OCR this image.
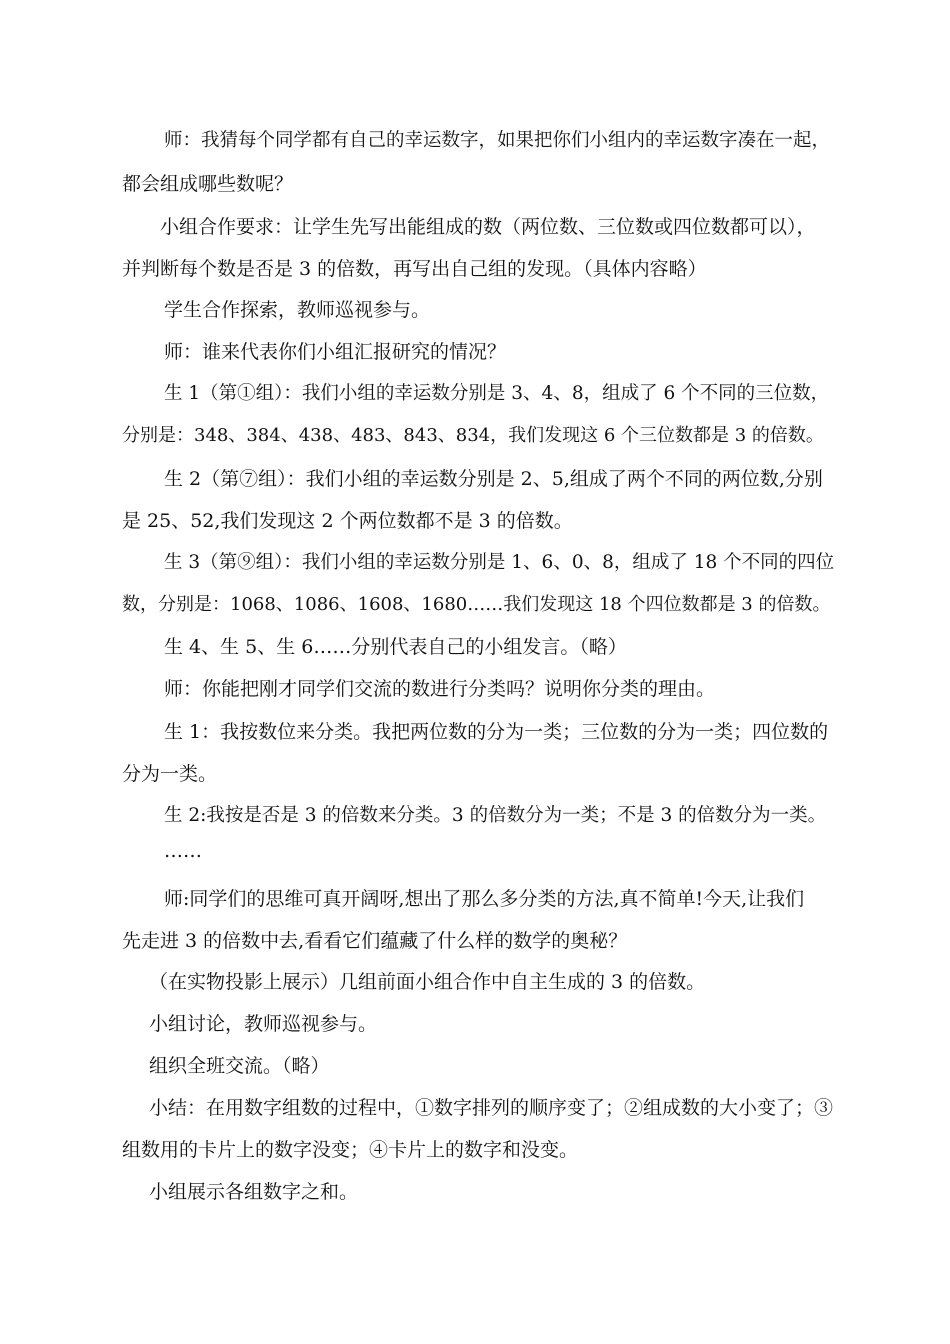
师：我猜每个同学都有自己的幸运数字，如果把你们小组内的幸运数字凑在一起，
都会组成哪些数呢？
小组合作要求：让学生先写出能组成的数（两位数、三位数或四位数都可以），
并判断每个数是否是 3 的倍数，再写出自己组的发现。（具体内容略）
学生合作探索，教师巡视参与。
师：谁来代表你们小组汇报研究的情况？
生 1（第①组）：我们小组的幸运数分别是 3、4、8，组成了 6 个不同的三位数，
分别是：348、384、438、483、843、834，我们发现这 6 个三位数都是 3 的倍数。
生 2（第⑦组）：我们小组的幸运数分别是 2、5,组成了两个不同的两位数,分别
是 25、52,我们发现这 2 个两位数都不是 3 的倍数。
生 3（第⑨组）：我们小组的幸运数分别是 1、6、0、8，组成了 18 个不同的四位
数，分别是：1068、1086、1608、1680……我们发现这 18 个四位数都是 3 的倍数。
生 4、生 5、生 6……分别代表自己的小组发言。（略）
师：你能把刚才同学们交流的数进行分类吗？说明你分类的理由。
生 1：我按数位来分类。我把两位数的分为一类；三位数的分为一类；四位数的
分为一类。
生 2:我按是否是 3 的倍数来分类。3 的倍数分为一类；不是 3 的倍数分为一类。
……
师:同学们的思维可真开阔呀,想出了那么多分类的方法,真不简单!今天,让我们
先走进 3 的倍数中去,看看它们蕴藏了什么样的数学的奥秘？
（在实物投影上展示）几组前面小组合作中自主生成的 3 的倍数。
小组讨论，教师巡视参与。
组织全班交流。（略）
小结：在用数字组数的过程中，①数字排列的顺序变了；②组成数的大小变了；③
组数用的卡片上的数字没变；④卡片上的数字和没变。
小组展示各组数字之和。
